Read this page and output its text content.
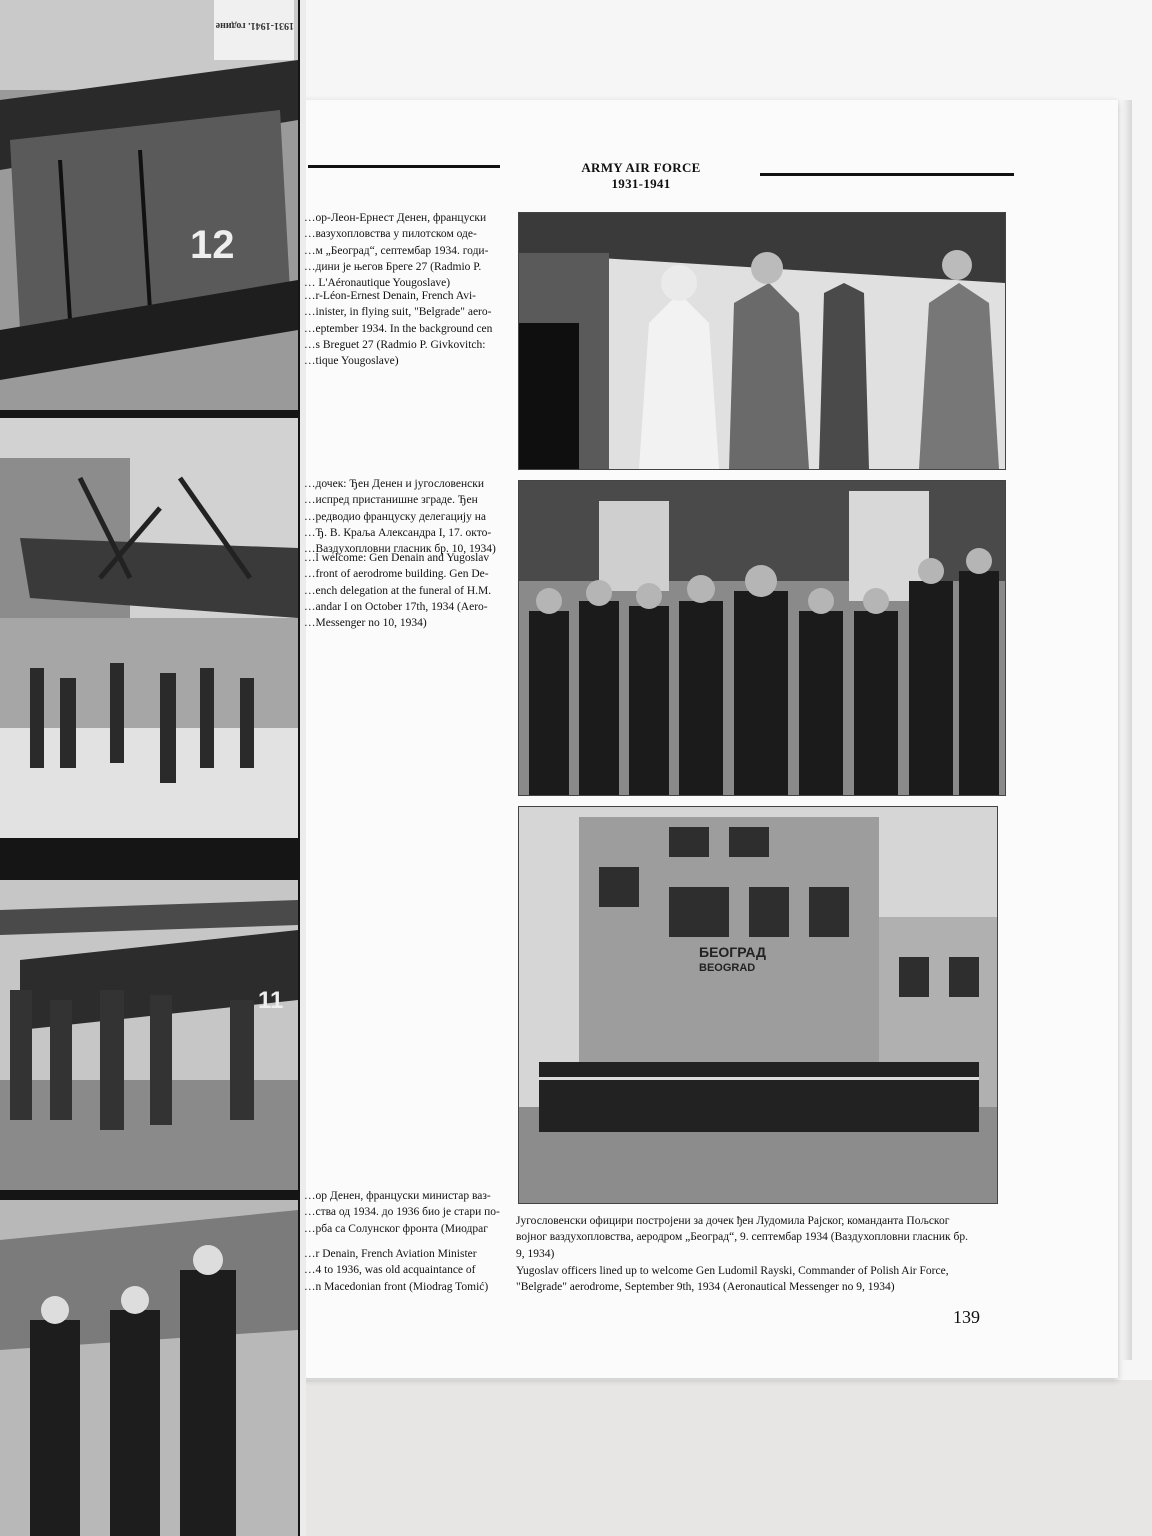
ARMY AIR FORCE
1931-1941
12
11
1931-1941. године
…ор-Леон-Ернест Денен, француски
…вазухопловства у пилотском оде-
…м „Београд“, септембар 1934. годи-
…дини је његов Бреге 27 (Radmio P.
… L'Aéronautique Yougoslave)
…r-Léon-Ernest Denain, French Avi-
…inister, in flying suit, "Belgrade" aero-
…eptember 1934. In the background cen
…s Breguet 27 (Radmio P. Givkovitch:
…tique Yougoslave)
…дочек: Ђен Денен и југословенски
…испред пристанишне зграде. Ђен
…редводио француску делегацију на
…Ђ. В. Краља Александра I, 17. окто-
…Ваздухопловни гласник бр. 10, 1934)
…l welcome: Gen Denain and Yugoslav
…front of aerodrome building. Gen De-
…ench delegation at the funeral of H.M.
…andar I on October 17th, 1934 (Aero-
…Messenger no 10, 1934)
…ор Денен, француски министар ваз-
…ства од 1934. до 1936 био је стари по-
…рба са Солунског фронта (Миодраг
…r Denain, French Aviation Minister
…4 to 1936, was old acquaintance of
…n Macedonian front (Miodrag Tomić)
БЕОГРАД
BEOGRAD
Југословенски официри постројени за дочек ђен Лудомила Рајског, команданта Пољског
војног ваздухопловства, аеродром „Београд“, 9. септембар 1934 (Ваздухопловни гласник бр.
9, 1934)
Yugoslav officers lined up to welcome Gen Ludomil Rayski, Commander of Polish Air Force,
"Belgrade" aerodrome, September 9th, 1934 (Aeronautical Messenger no 9, 1934)
139
